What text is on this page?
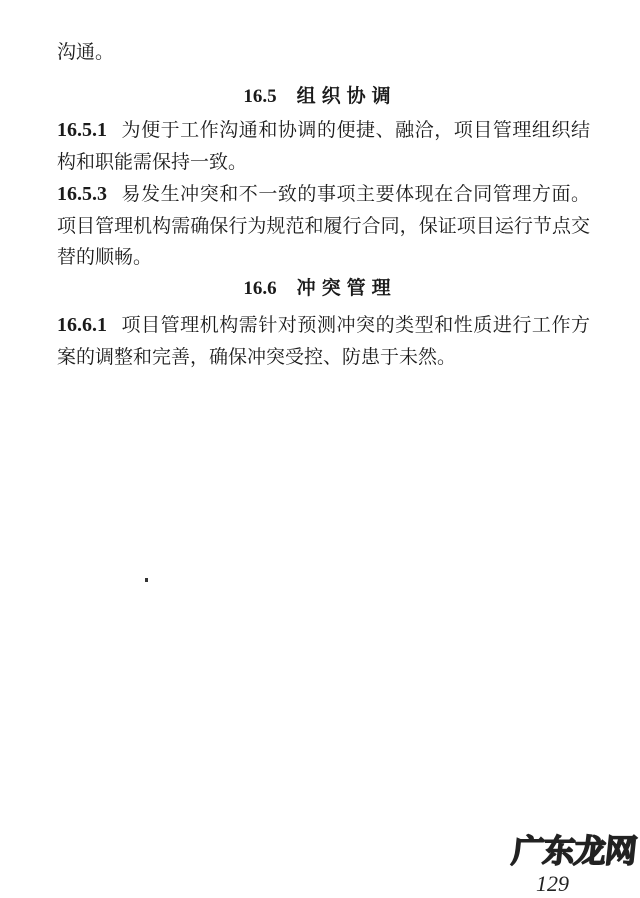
沟通。
16.5 组织协调
16.5.1 为便于工作沟通和协调的便捷、融洽，项目管理组织结
构和职能需保持一致。
16.5.3 易发生冲突和不一致的事项主要体现在合同管理方面。
项目管理机构需确保行为规范和履行合同，保证项目运行节点交
替的顺畅。
16.6 冲突管理
16.6.1 项目管理机构需针对预测冲突的类型和性质进行工作方
案的调整和完善，确保冲突受控、防患于未然。
广东龙网
129
